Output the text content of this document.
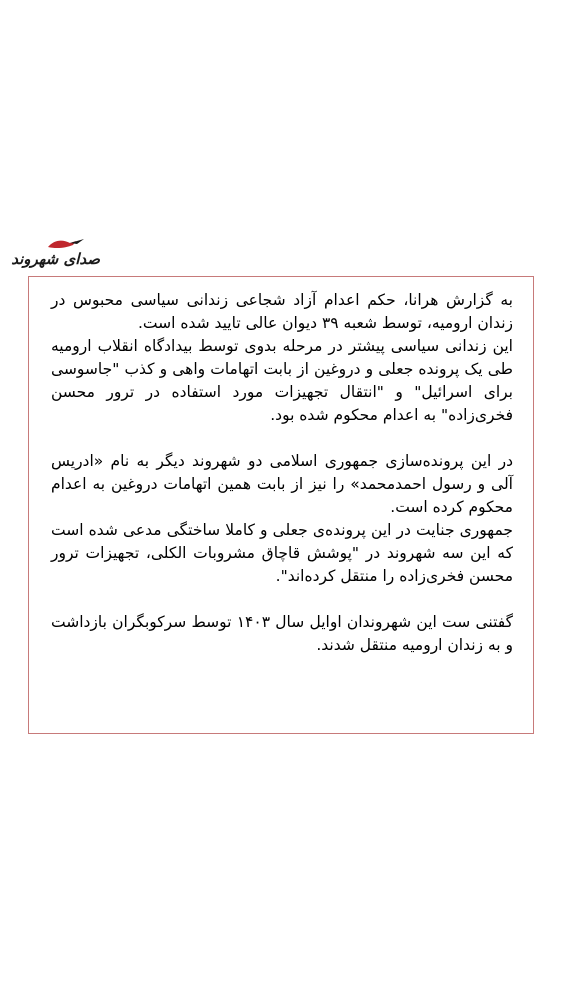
صدای شهروند

به گزارش هرانا، حکم اعدام آزاد شجاعی زندانی سیاسی محبوس در زندان ارومیه، توسط شعبه ۳۹ دیوان عالی تایید شده است.

این زندانی سیاسی پیشتر در مرحله بدوی توسط بیدادگاه انقلاب ارومیه طی یک پرونده جعلی و دروغین از بابت اتهامات واهی و کذب "جاسوسی برای اسرائیل" و "انتقال تجهیزات مورد استفاده در ترور محسن فخری‌زاده" به اعدام محکوم شده بود.

در این پرونده‌سازی جمهوری اسلامی دو شهروند دیگر به نام «ادریس آلی و رسول احمدمحمد» را نیز از بابت همین اتهامات دروغین به اعدام محکوم کرده است.

جمهوری جنایت در این پرونده‌ی جعلی و کاملا ساختگی مدعی شده است که این سه شهروند در "پوشش قاچاق مشروبات الکلی، تجهیزات ترور محسن فخری‌زاده را منتقل کرده‌اند".

گفتنی ست این شهروندان اوایل سال ۱۴۰۳ توسط سرکوبگران بازداشت و به زندان ارومیه منتقل شدند.
